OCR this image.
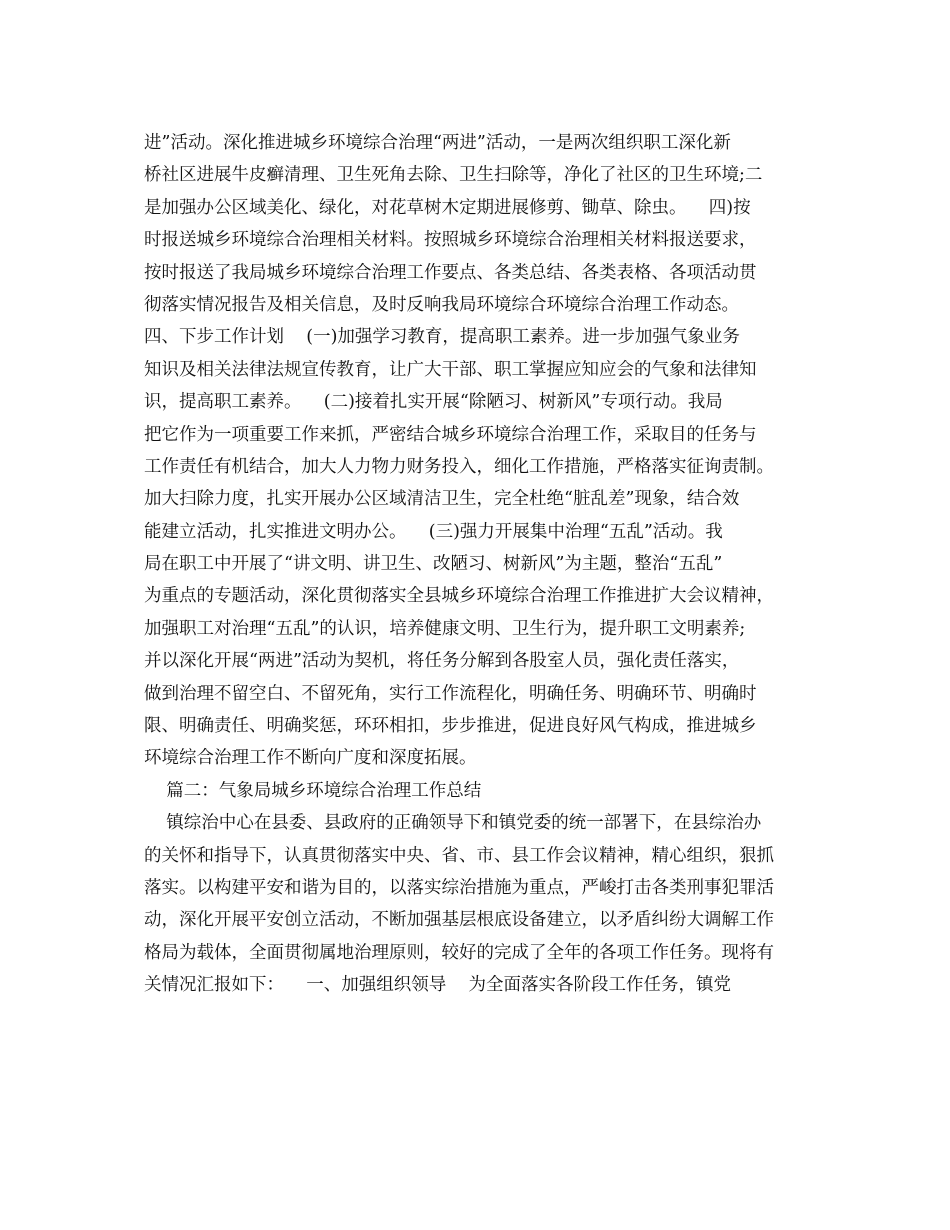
进”活动。深化推进城乡环境综合治理“两进”活动，一是两次组织职工深化新
桥社区进展牛皮癣清理、卫生死角去除、卫生扫除等，净化了社区的卫生环境;二
是加强办公区域美化、绿化，对花草树木定期进展修剪、锄草、除虫。    四)按
时报送城乡环境综合治理相关材料。按照城乡环境综合治理相关材料报送要求，
按时报送了我局城乡环境综合治理工作要点、各类总结、各类表格、各项活动贯
彻落实情况报告及相关信息，及时反响我局环境综合环境综合治理工作动态。
四、下步工作计划    (一)加强学习教育，提高职工素养。进一步加强气象业务
知识及相关法律法规宣传教育，让广大干部、职工掌握应知应会的气象和法律知
识，提高职工素养。    (二)接着扎实开展“除陋习、树新风”专项行动。我局
把它作为一项重要工作来抓，严密结合城乡环境综合治理工作，采取目的任务与
工作责任有机结合，加大人力物力财务投入，细化工作措施，严格落实征询责制。
加大扫除力度，扎实开展办公区域清洁卫生，完全杜绝“脏乱差”现象，结合效
能建立活动，扎实推进文明办公。    (三)强力开展集中治理“五乱”活动。我
局在职工中开展了“讲文明、讲卫生、改陋习、树新风”为主题，整治“五乱”
为重点的专题活动，深化贯彻落实全县城乡环境综合治理工作推进扩大会议精神，
加强职工对治理“五乱”的认识，培养健康文明、卫生行为，提升职工文明素养;
并以深化开展“两进”活动为契机，将任务分解到各股室人员，强化责任落实，
做到治理不留空白、不留死角，实行工作流程化，明确任务、明确环节、明确时
限、明确责任、明确奖惩，环环相扣，步步推进，促进良好风气构成，推进城乡
环境综合治理工作不断向广度和深度拓展。
篇二：气象局城乡环境综合治理工作总结
镇综治中心在县委、县政府的正确领导下和镇党委的统一部署下，在县综治办
的关怀和指导下，认真贯彻落实中央、省、市、县工作会议精神，精心组织，狠抓
落实。以构建平安和谐为目的，以落实综治措施为重点，严峻打击各类刑事犯罪活
动，深化开展平安创立活动，不断加强基层根底设备建立，以矛盾纠纷大调解工作
格局为载体，全面贯彻属地治理原则，较好的完成了全年的各项工作任务。现将有
关情况汇报如下：    一、加强组织领导    为全面落实各阶段工作任务，镇党
